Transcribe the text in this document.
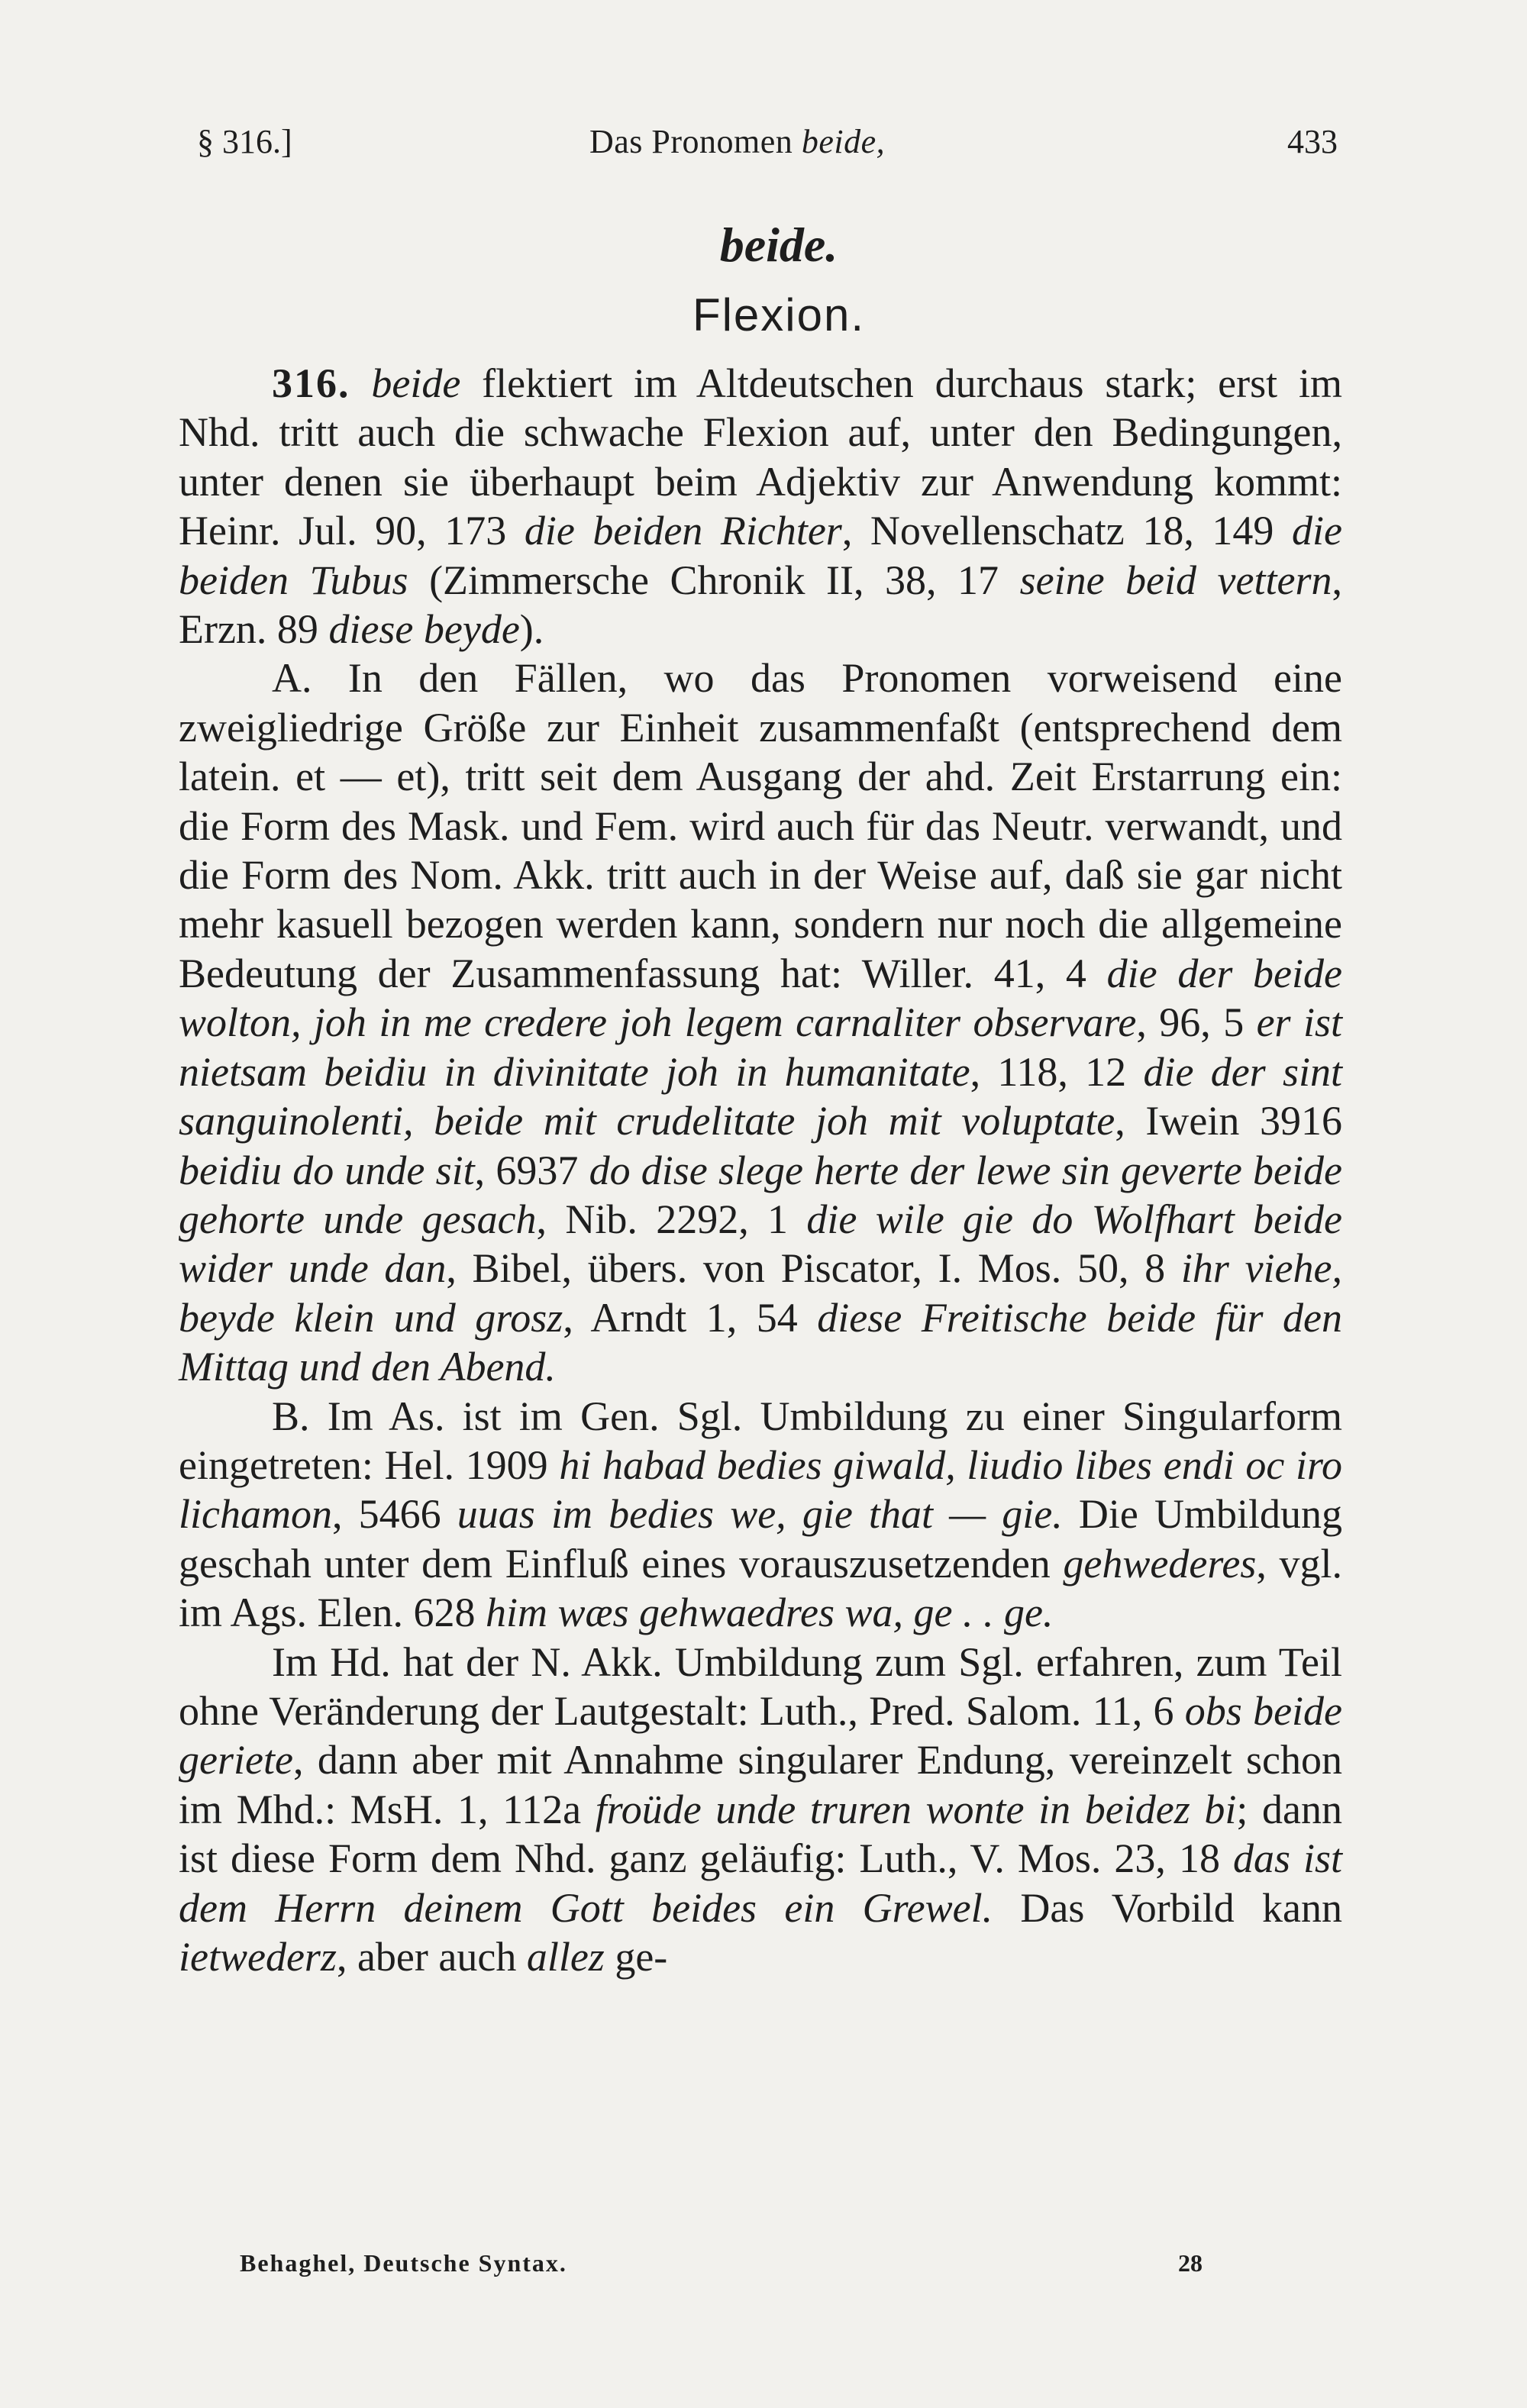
§ 316.]	Das Pronomen beide,	433
beide.
Flexion.

316. beide flektiert im Altdeutschen durchaus stark; erst im Nhd. tritt auch die schwache Flexion auf, unter den Bedingungen, unter denen sie überhaupt beim Adjektiv zur Anwendung kommt: Heinr. Jul. 90, 173 die beiden Richter, Novellenschatz 18, 149 die beiden Tubus (Zimmersche Chronik II, 38, 17 seine beid vettern, Erzn. 89 diese beyde).

A. In den Fällen, wo das Pronomen vorweisend eine zweigliedrige Größe zur Einheit zusammenfaßt (entsprechend dem latein. et — et), tritt seit dem Ausgang der ahd. Zeit Erstarrung ein: die Form des Mask. und Fem. wird auch für das Neutr. verwandt, und die Form des Nom. Akk. tritt auch in der Weise auf, daß sie gar nicht mehr kasuell bezogen werden kann, sondern nur noch die allgemeine Bedeutung der Zusammenfassung hat: Willer. 41, 4 die der beide wolton, joh in me credere joh legem carnaliter observare, 96, 5 er ist nietsam beidiu in divinitate joh in humanitate, 118, 12 die der sint sanguinolenti, beide mit crudelitate joh mit voluptate, Iwein 3916 beidiu do unde sit, 6937 do dise slege herte der lewe sin geverte beide gehorte unde gesach, Nib. 2292, 1 die wile gie do Wolfhart beide wider unde dan, Bibel, übers. von Piscator, I. Mos. 50, 8 ihr viehe, beyde klein und grosz, Arndt 1, 54 diese Freitische beide für den Mittag und den Abend.

B. Im As. ist im Gen. Sgl. Umbildung zu einer Singularform eingetreten: Hel. 1909 hi habad bedies giwald, liudio libes endi oc iro lichamon, 5466 uuas im bedies we, gie that — gie. Die Umbildung geschah unter dem Einfluß eines vorauszusetzenden gehwederes, vgl. im Ags. Elen. 628 him wæs gehwaedres wa, ge . . ge.

Im Hd. hat der N. Akk. Umbildung zum Sgl. erfahren, zum Teil ohne Veränderung der Lautgestalt: Luth., Pred. Salom. 11, 6 obs beide geriete, dann aber mit Annahme singularer Endung, vereinzelt schon im Mhd.: MsH. 1, 112a froüde unde truren wonte in beidez bi; dann ist diese Form dem Nhd. ganz geläufig: Luth., V. Mos. 23, 18 das ist dem Herrn deinem Gott beides ein Grewel. Das Vorbild kann ietwederz, aber auch allez ge-

Behaghel, Deutsche Syntax.	28
